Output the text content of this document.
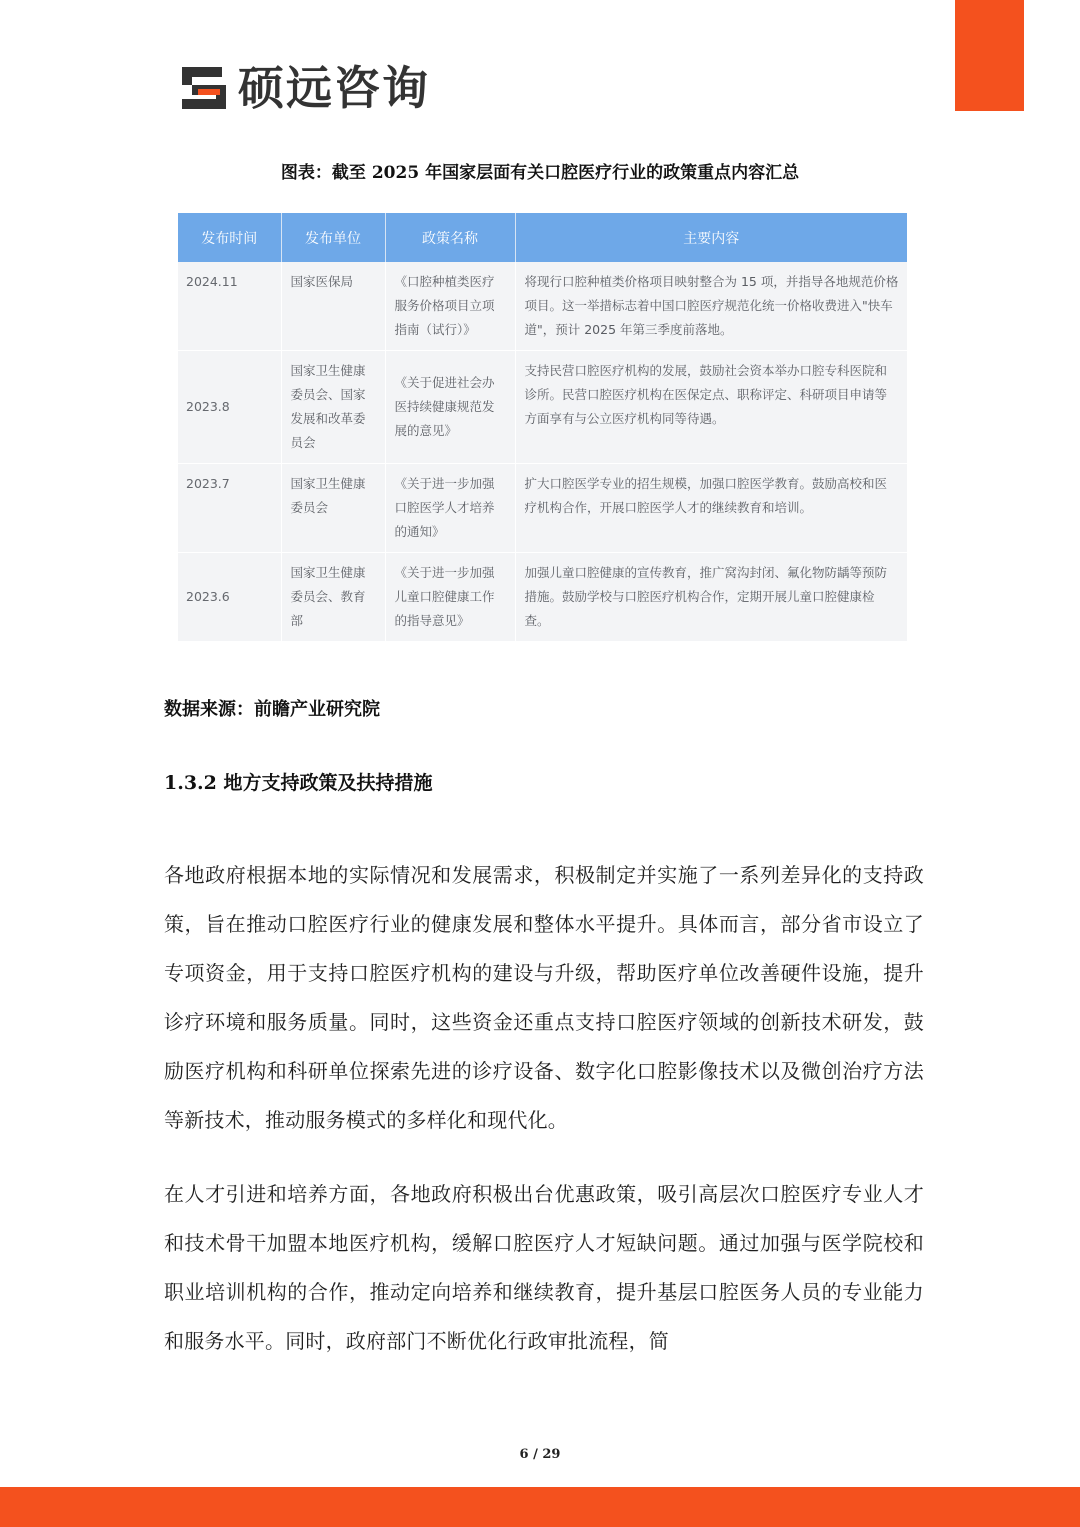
硕远咨询
图表：截至 2025 年国家层面有关口腔医疗行业的政策重点内容汇总
发布时间	发布单位	政策名称	主要内容
2024.11	国家医保局	《口腔种植类医疗服务价格项目立项指南（试行）》	将现行口腔种植类价格项目映射整合为 15 项，并指导各地规范价格项目。这一举措标志着中国口腔医疗规范化统一价格收费进入"快车道"，预计 2025 年第三季度前落地。
2023.8	国家卫生健康委员会、国家发展和改革委员会	《关于促进社会办医持续健康规范发展的意见》	支持民营口腔医疗机构的发展，鼓励社会资本举办口腔专科医院和诊所。民营口腔医疗机构在医保定点、职称评定、科研项目申请等方面享有与公立医疗机构同等待遇。
2023.7	国家卫生健康委员会	《关于进一步加强口腔医学人才培养的通知》	扩大口腔医学专业的招生规模，加强口腔医学教育。鼓励高校和医疗机构合作，开展口腔医学人才的继续教育和培训。
2023.6	国家卫生健康委员会、教育部	《关于进一步加强儿童口腔健康工作的指导意见》	加强儿童口腔健康的宣传教育，推广窝沟封闭、氟化物防龋等预防措施。鼓励学校与口腔医疗机构合作，定期开展儿童口腔健康检查。
数据来源：前瞻产业研究院
1.3.2 地方支持政策及扶持措施

各地政府根据本地的实际情况和发展需求，积极制定并实施了一系列差异化的支持政策，旨在推动口腔医疗行业的健康发展和整体水平提升。具体而言，部分省市设立了专项资金，用于支持口腔医疗机构的建设与升级，帮助医疗单位改善硬件设施，提升诊疗环境和服务质量。同时，这些资金还重点支持口腔医疗领域的创新技术研发，鼓励医疗机构和科研单位探索先进的诊疗设备、数字化口腔影像技术以及微创治疗方法等新技术，推动服务模式的多样化和现代化。

在人才引进和培养方面，各地政府积极出台优惠政策，吸引高层次口腔医疗专业人才和技术骨干加盟本地医疗机构，缓解口腔医疗人才短缺问题。通过加强与医学院校和职业培训机构的合作，推动定向培养和继续教育，提升基层口腔医务人员的专业能力和服务水平。同时，政府部门不断优化行政审批流程，简

6 / 29
